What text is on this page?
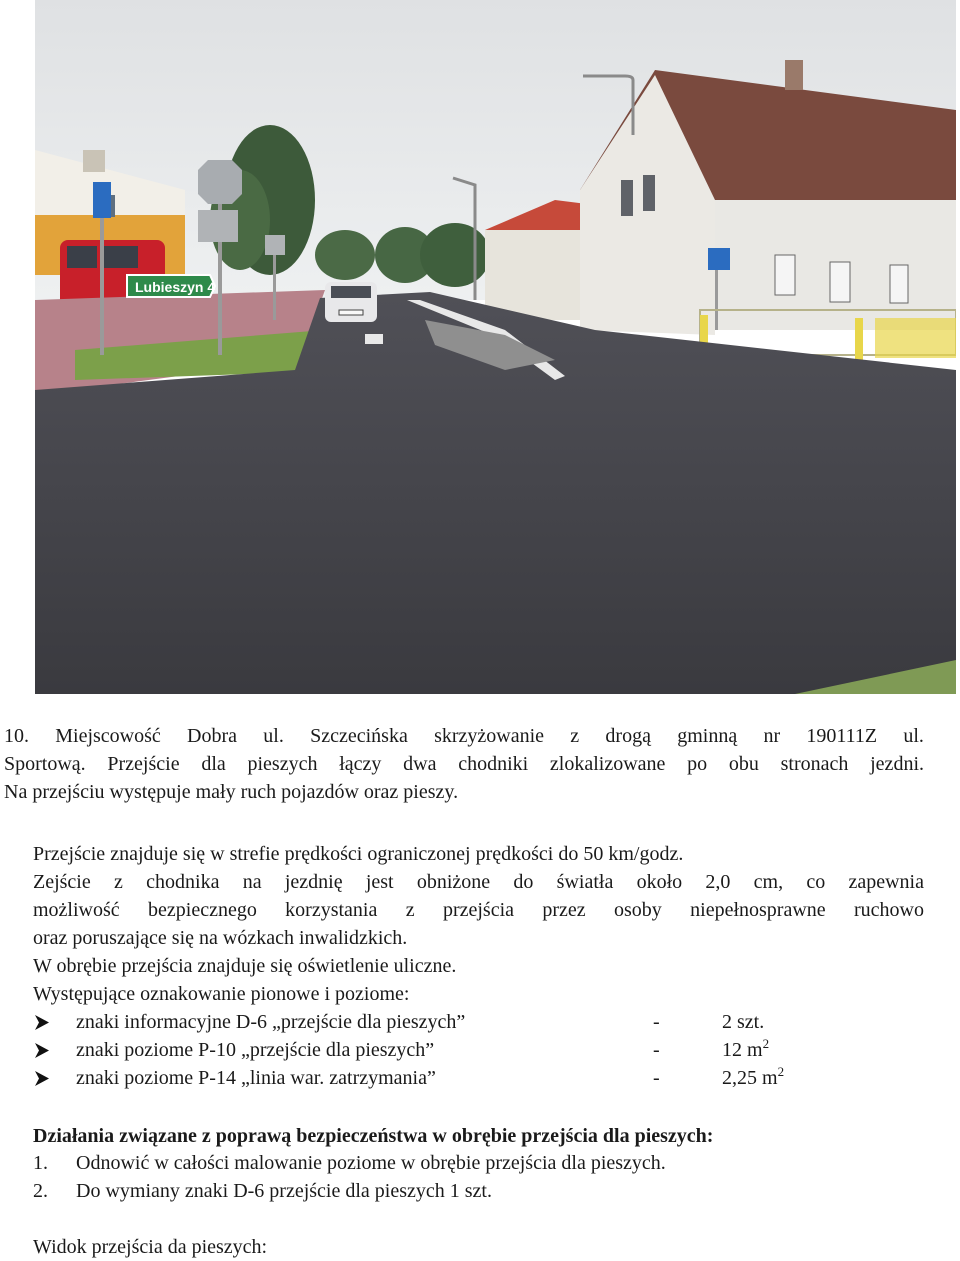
Lubieszyn 4
10. Miejscowość Dobra ul. Szczecińska skrzyżowanie z drogą gminną nr 190111Z ul.
Sportową. Przejście dla pieszych łączy dwa chodniki zlokalizowane po obu stronach jezdni.
Na przejściu występuje mały ruch pojazdów oraz pieszy.
Przejście znajduje się w strefie prędkości ograniczonej prędkości do 50 km/godz.
Zejście z chodnika na jezdnię jest obniżone do światła około 2,0 cm, co zapewnia
możliwość bezpiecznego korzystania z przejścia przez osoby niepełnosprawne ruchowo
oraz poruszające się na wózkach inwalidzkich.
W obrębie przejścia znajduje się oświetlenie uliczne.
Występujące oznakowanie pionowe i poziome:
znaki informacyjne D-6 „przejście dla pieszych”	-	2 szt.
znaki poziome P-10 „przejście dla pieszych”	-	12 $m^2$
znaki poziome P-14 „linia war. zatrzymania”	-	2,25 $m^2$
Działania związane z poprawą bezpieczeństwa w obrębie przejścia dla pieszych:
1. Odnowić w całości malowanie poziome w obrębie przejścia dla pieszych.
2. Do wymiany znaki D-6 przejście dla pieszych 1 szt.
Widok przejścia da pieszych:
